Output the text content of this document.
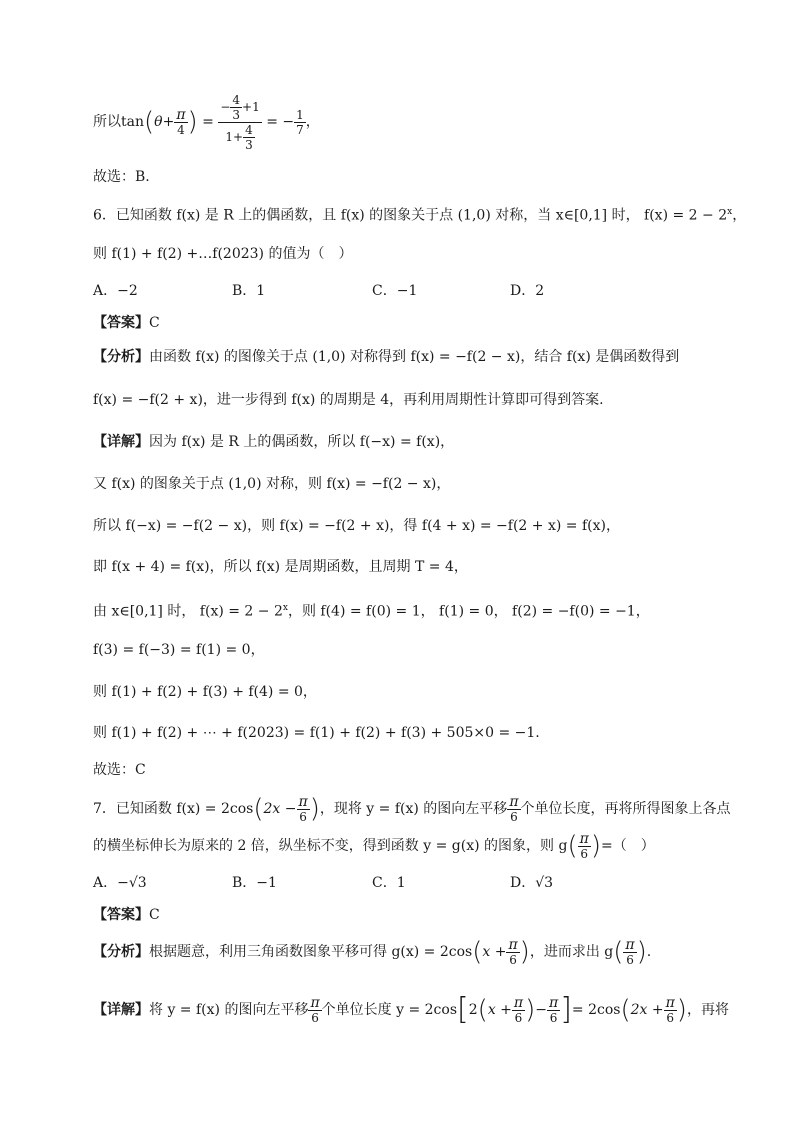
所以$\tan(\theta+ \frac{\pi}{4}$ ) = $\frac{- \frac{4}{3} +1}{1+ \frac{4}{3}}$ = − $\frac{1}{7}$ ，
故选：B.
6．已知函数 f(x) 是 R 上的偶函数，且 f(x) 的图象关于点 (1,0) 对称，当 x∈[0,1] 时， $f(x) = 2 - 2^x$，
则 f(1) + f(2) +…f(2023) 的值为（　）
A．−2	B．1	C．−1	D．2
【答案】C
【分析】由函数 f(x) 的图像关于点 (1,0) 对称得到 f(x) = −f(2 − x)，结合 f(x) 是偶函数得到
f(x) = −f(2 + x)，进一步得到 f(x) 的周期是 4，再利用周期性计算即可得到答案.
【详解】因为 f(x) 是 R 上的偶函数，所以 f(−x) = f(x)，
又 f(x) 的图象关于点 (1,0) 对称，则 f(x) = −f(2 − x)，
所以 f(−x) = −f(2 − x)，则 f(x) = −f(2 + x)，得 f(4 + x) = −f(2 + x) = f(x)，
即 f(x + 4) = f(x)，所以 f(x) 是周期函数，且周期 T = 4，
由 x∈[0,1] 时， $f(x) = 2 - 2^x$，则 f(4) = f(0) = 1， f(1) = 0， f(2) = −f(0) = −1，
f(3) = f(−3) = f(1) = 0，
则 f(1) + f(2) + f(3) + f(4) = 0，
则 f(1) + f(2) + ⋯ + f(2023) = f(1) + f(2) + f(3) + 505×0 = −1.
故选：C
7．已知函数 $f(x) = 2\cos(2x - \frac{\pi}{6}$ )，现将 y = f(x) 的图向左平移 $\frac{\pi}{6}$ 个单位长度，再将所得图象上各点
的横坐标伸长为原来的 2 倍，纵坐标不变，得到函数 y = g(x) 的图象，则 $g( \frac{\pi}{6}$ )=（　）
A．−√3	B．−1	C．1	D．√3
【答案】C
【分析】根据题意，利用三角函数图象平移可得 $g(x) = 2\cos(x + \frac{\pi}{6}$ )，进而求出 $g( \frac{\pi}{6}$ ).
【详解】将 y = f(x) 的图向左平移 $\frac{\pi}{6}$ 个单位长度 $y = 2\cos[2(x + \frac{\pi}{6}$ )− $\frac{\pi}{6}$ ]= $2\cos(2x + \frac{\pi}{6}$ )，再将
